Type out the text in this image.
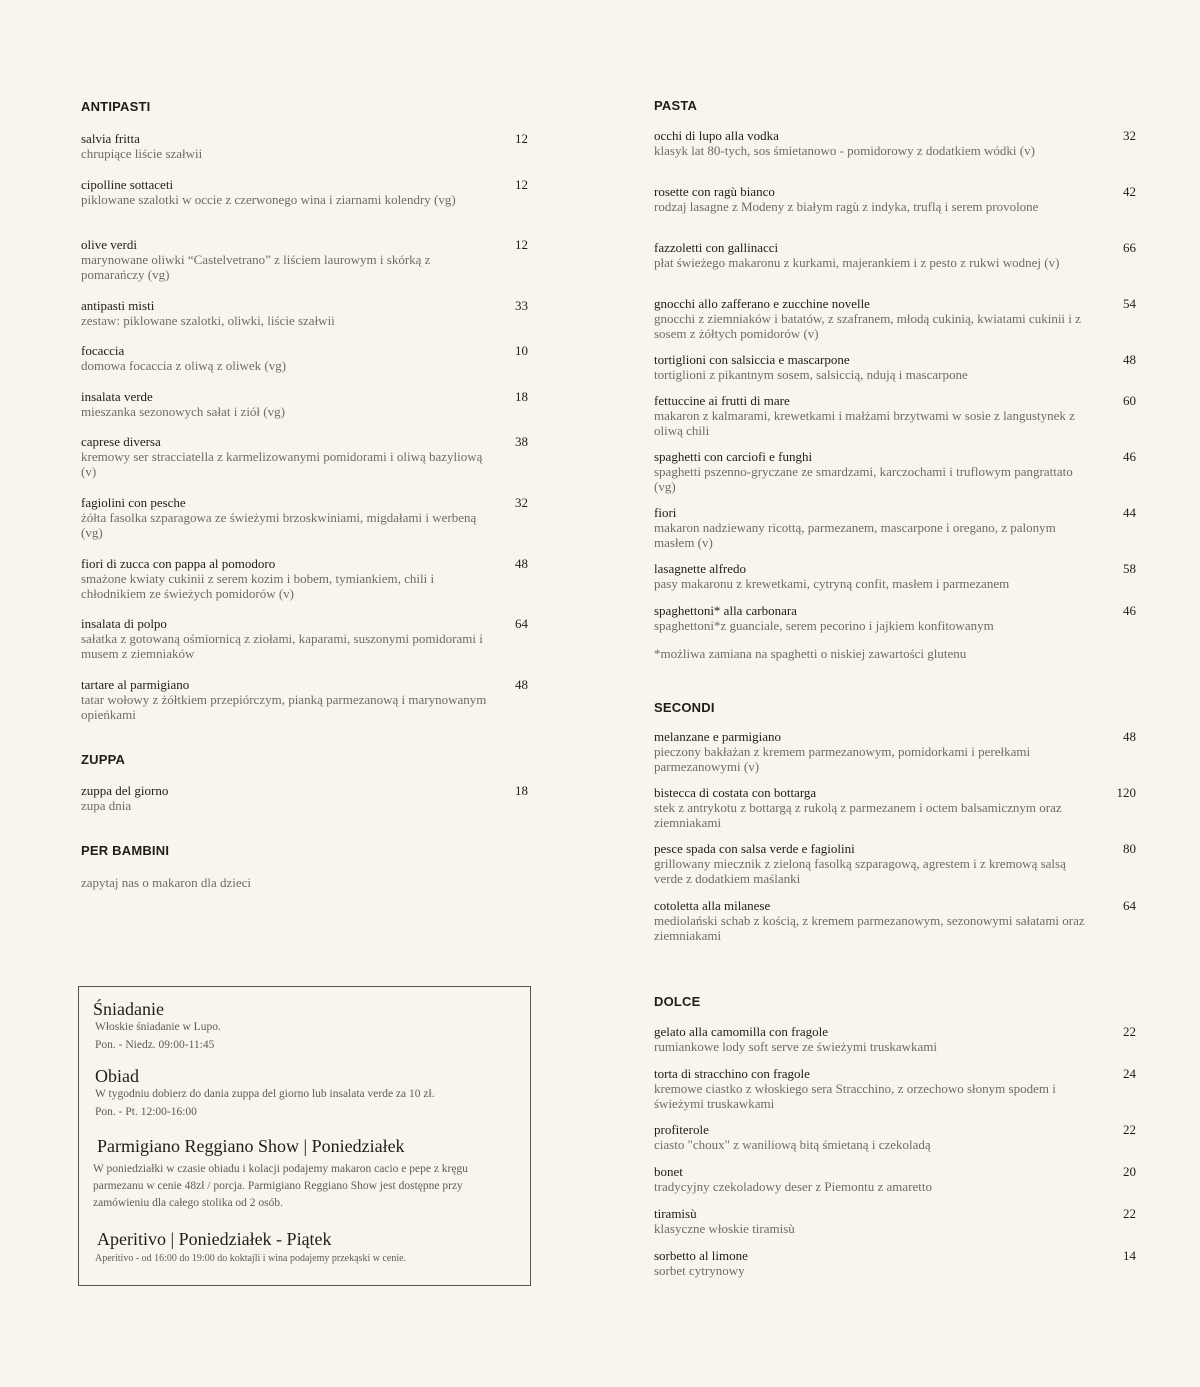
ANTIPASTI
salvia fritta
chrupiące liście szałwii
12
cipolline sottaceti
piklowane szalotki w occie z czerwonego wina i ziarnami kolendry (vg)
12
olive verdi
marynowane oliwki “Castelvetrano” z liściem laurowym i skórką z pomarańczy (vg)
12
antipasti misti
zestaw: piklowane szalotki, oliwki, liście szałwii
33
focaccia
domowa focaccia z oliwą z oliwek (vg)
10
insalata verde
mieszanka sezonowych sałat i ziół (vg)
18
caprese diversa
kremowy ser stracciatella z karmelizowanymi pomidorami i oliwą bazyliową (v)
38
fagiolini con pesche
żółta fasolka szparagowa ze świeżymi brzoskwiniami, migdałami i werbeną (vg)
32
fiori di zucca con pappa al pomodoro
smażone kwiaty cukinii z serem kozim i bobem, tymiankiem, chili i chłodnikiem ze świeżych pomidorów (v)
48
insalata di polpo
sałatka z gotowaną ośmiornicą z ziołami, kaparami, suszonymi pomidorami i musem z ziemniaków
64
tartare al parmigiano
tatar wołowy z żółtkiem przepiórczym, pianką parmezanową i marynowanym opieńkami
48
ZUPPA
zuppa del giorno
zupa dnia
18
PER BAMBINI
zapytaj nas o makaron dla dzieci
Śniadanie

Włoskie śniadanie w Lupo.

Pon. - Niedz. 09:00-11:45

Obiad

W tygodniu dobierz do dania zuppa del giorno lub insalata verde za 10 zł.

Pon. - Pt. 12:00-16:00

Parmigiano Reggiano Show | Poniedziałek

W poniedziałki w czasie obiadu i kolacji podajemy makaron cacio e pepe z kręgu parmezanu w cenie 48zł / porcja. Parmigiano Reggiano Show jest dostępne przy zamówieniu dla całego stolika od 2 osób.

Aperitivo | Poniedziałek - Piątek

Aperitivo - od 16:00 do 19:00 do koktajli i wina podajemy przekąski w cenie.

PASTA
occhi di lupo alla vodka
klasyk lat 80-tych, sos śmietanowo - pomidorowy z dodatkiem wódki (v)
32
rosette con ragù bianco
rodzaj lasagne z Modeny z białym ragù z indyka, truflą i serem provolone
42
fazzoletti con gallinacci
płat świeżego makaronu z kurkami, majerankiem i z pesto z rukwi wodnej (v)
66
gnocchi allo zafferano e zucchine novelle
gnocchi z ziemniaków i batatów, z szafranem, młodą cukinią, kwiatami cukinii i z sosem z żółtych pomidorów (v)
54
tortiglioni con salsiccia e mascarpone
tortiglioni z pikantnym sosem, salsiccią, ndują i mascarpone
48
fettuccine ai frutti di mare
makaron z kalmarami, krewetkami i małżami brzytwami w sosie z langustynek z oliwą chili
60
spaghetti con carciofi e funghi
spaghetti pszenno-gryczane ze smardzami, karczochami i truflowym pangrattato (vg)
46
fiori
makaron nadziewany ricottą, parmezanem, mascarpone i oregano, z palonym masłem (v)
44
lasagnette alfredo
pasy makaronu z krewetkami, cytryną confit, masłem i parmezanem
58
spaghettoni* alla carbonara
spaghettoni*z guanciale, serem pecorino i jajkiem konfitowanym
46
*możliwa zamiana na spaghetti o niskiej zawartości glutenu
SECONDI
melanzane e parmigiano
pieczony bakłażan z kremem parmezanowym, pomidorkami i perełkami parmezanowymi (v)
48
bistecca di costata con bottarga
stek z antrykotu z bottargą z rukolą z parmezanem i octem balsamicznym oraz ziemniakami
120
pesce spada con salsa verde e fagiolini
grillowany miecznik z zieloną fasolką szparagową, agrestem i z kremową salsą verde z dodatkiem maślanki
80
cotoletta alla milanese
mediolański schab z kością, z kremem parmezanowym, sezonowymi sałatami oraz ziemniakami
64
DOLCE
gelato alla camomilla con fragole
rumiankowe lody soft serve ze świeżymi truskawkami
22
torta di stracchino con fragole
kremowe ciastko z włoskiego sera Stracchino, z orzechowo słonym spodem i świeżymi truskawkami
24
profiterole
ciasto "choux" z waniliową bitą śmietaną i czekoladą
22
bonet
tradycyjny czekoladowy deser z Piemontu z amaretto
20
tiramisù
klasyczne włoskie tiramisù
22
sorbetto al limone
sorbet cytrynowy
14
